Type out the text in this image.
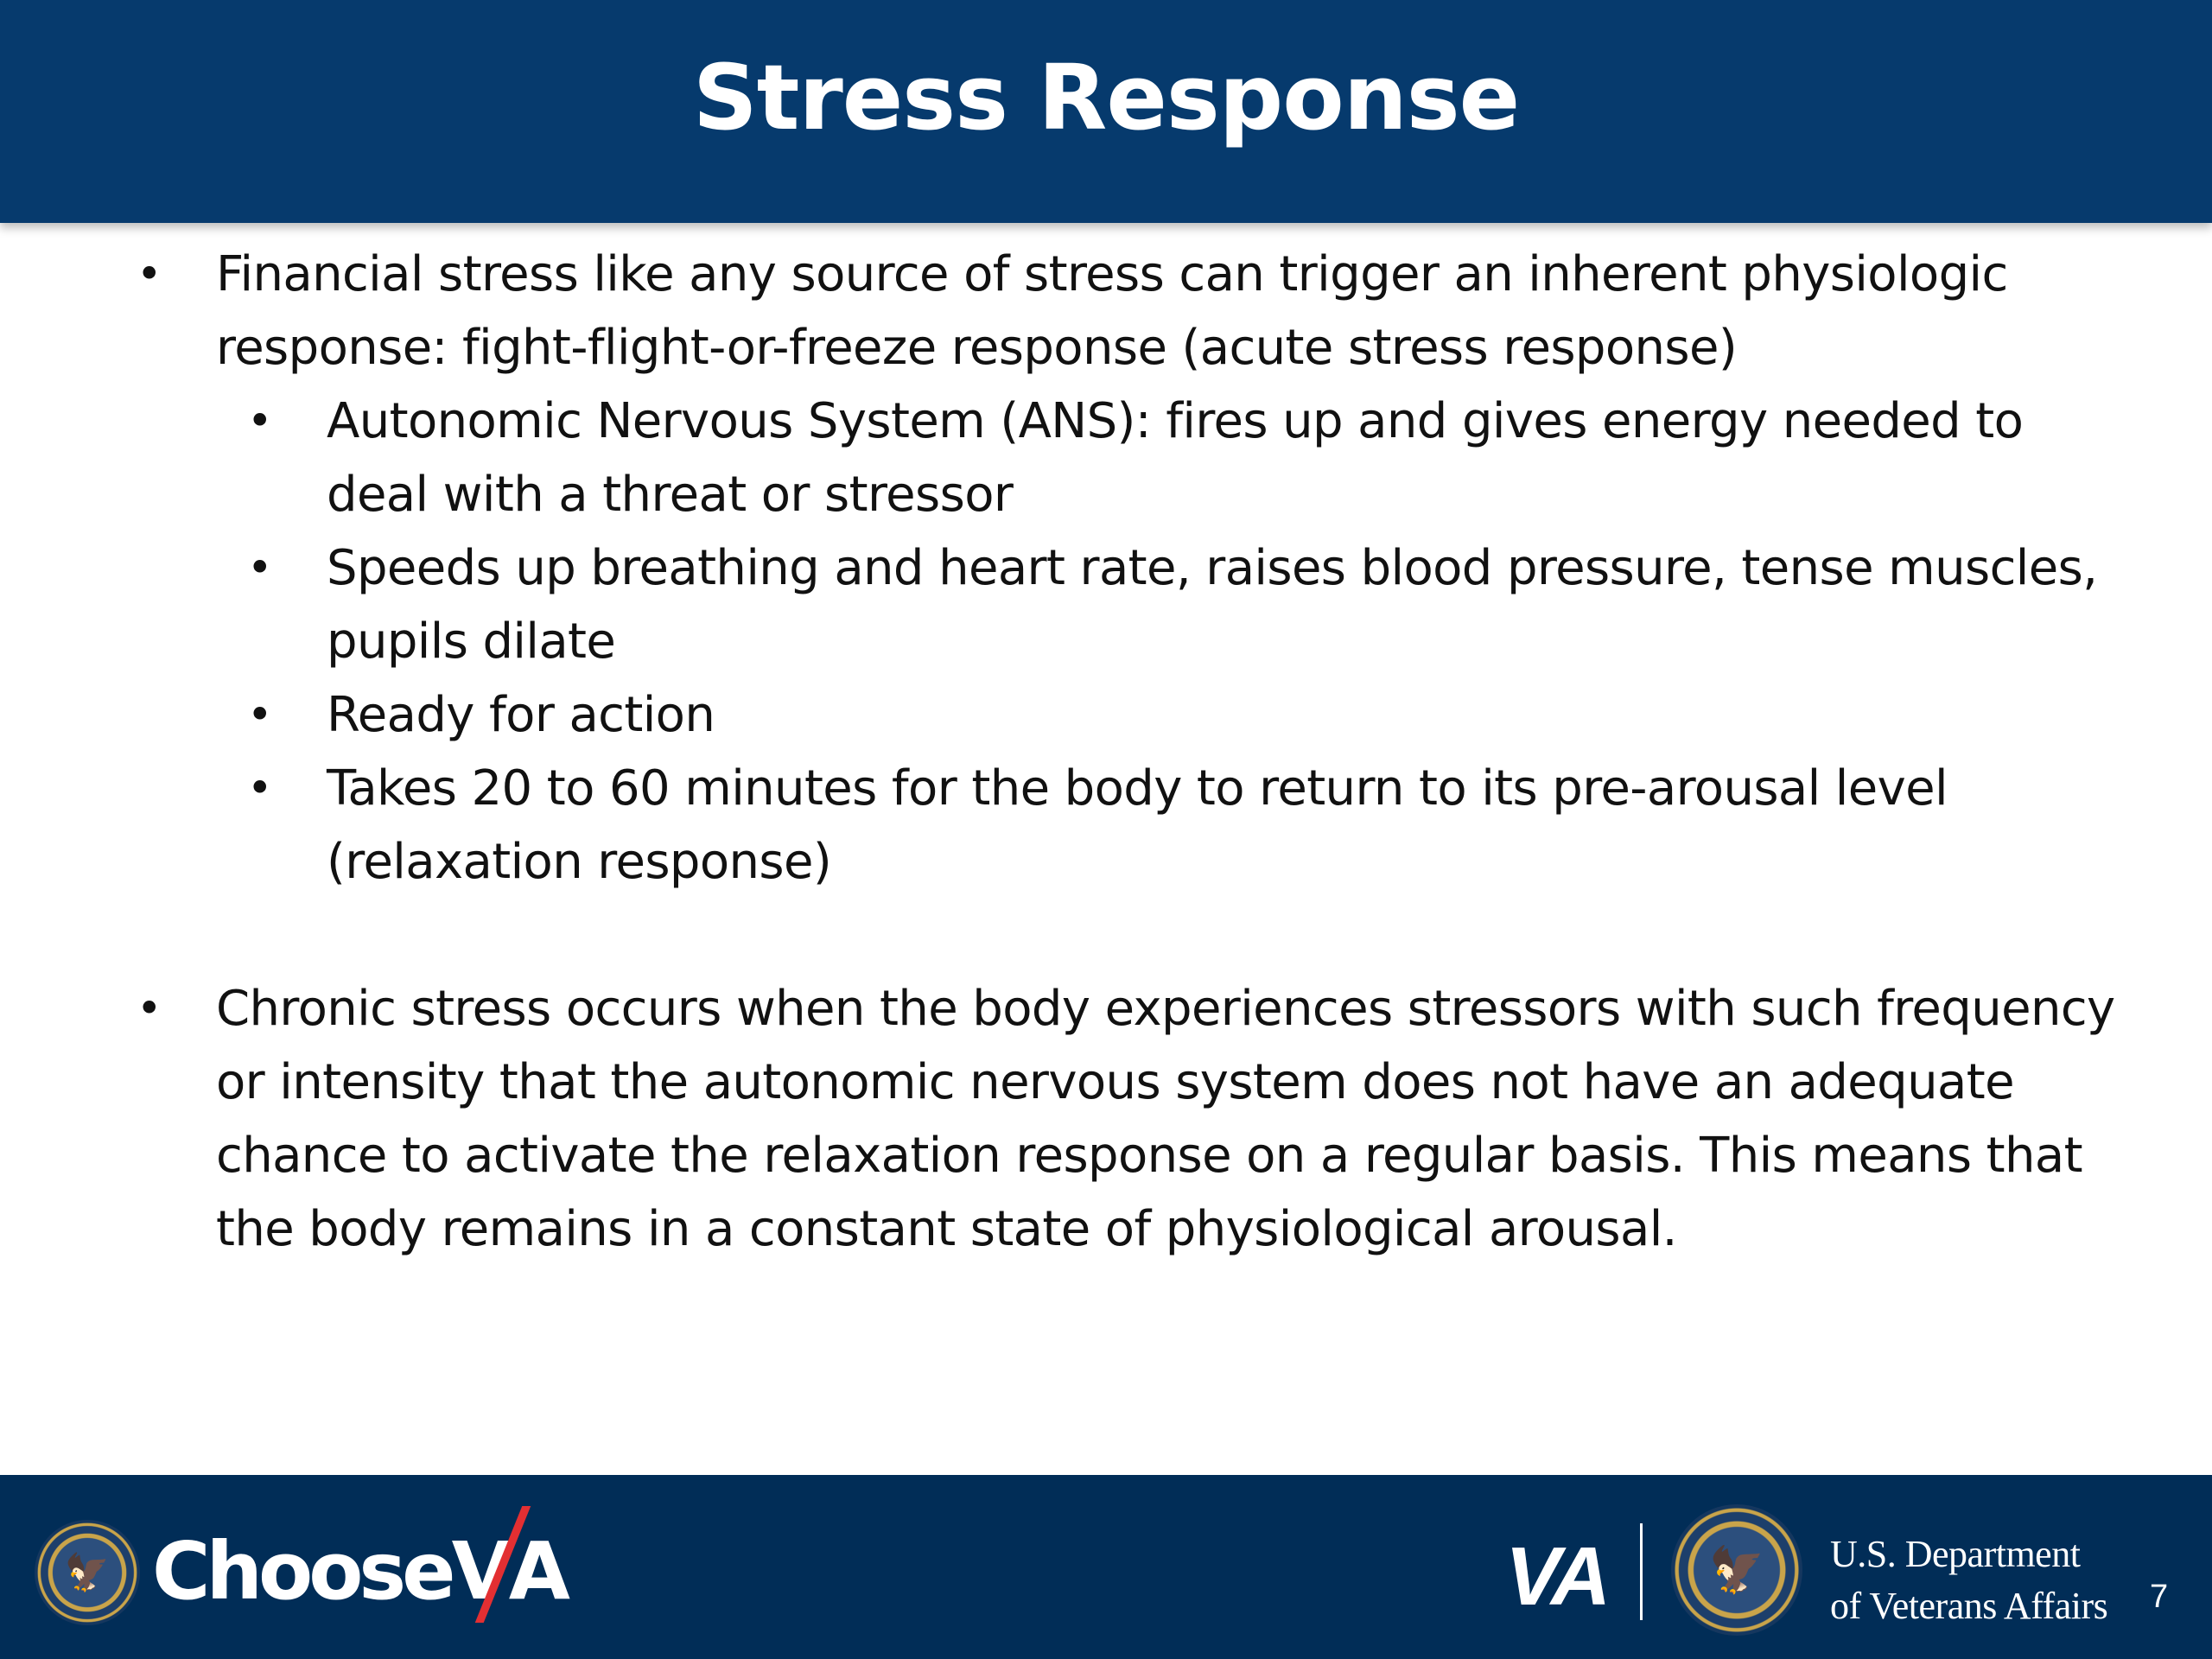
Stress Response
• Financial stress like any source of stress can trigger an inherent physiologic response: fight-flight-or-freeze response (acute stress response)
• Autonomic Nervous System (ANS): fires up and gives energy needed to deal with a threat or stressor
• Speeds up breathing and heart rate, raises blood pressure, tense muscles, pupils dilate
• Ready for action
• Takes 20 to 60 minutes for the body to return to its pre-arousal level (relaxation response)
• Chronic stress occurs when the body experiences stressors with such frequency or intensity that the autonomic nervous system does not have an adequate chance to activate the relaxation response on a regular basis. This means that the body remains in a constant state of physiological arousal.
🦅 ChooseV
A	VA 🦅 U.S. Department
of Veterans Affairs 7
